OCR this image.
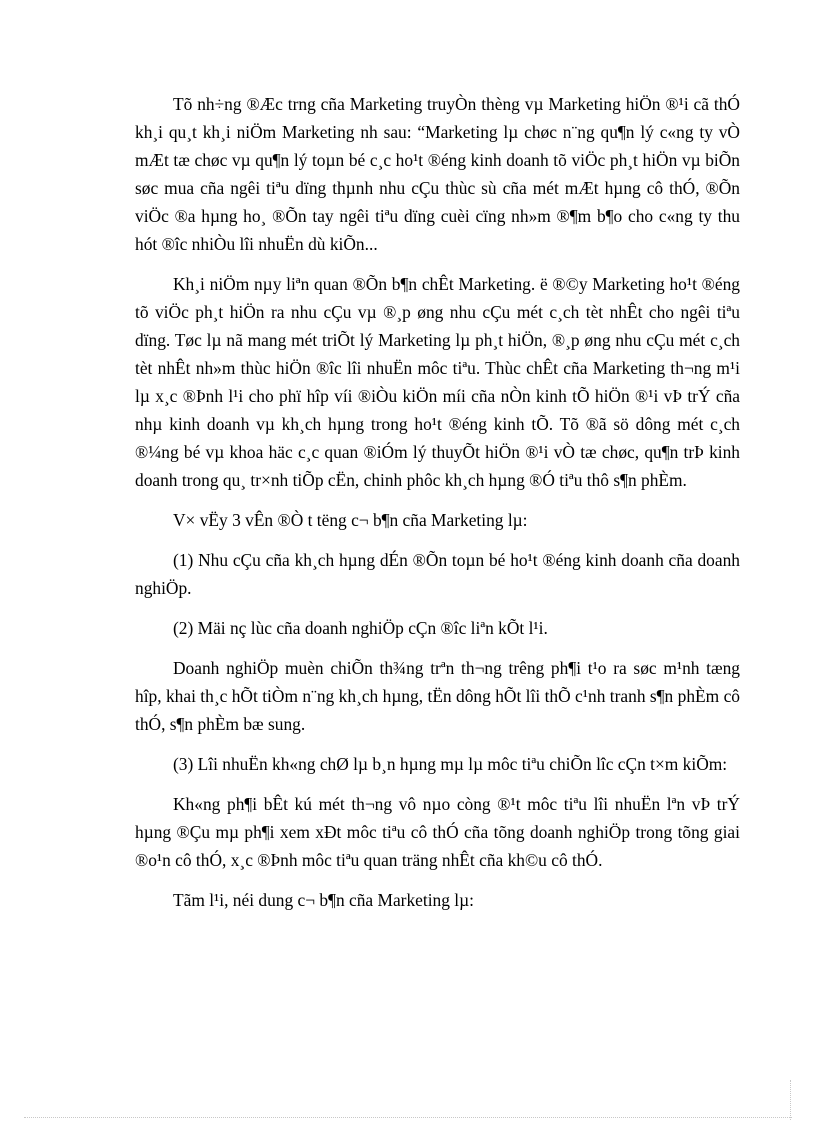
Tõ nh÷ng ®Æc trng cña Marketing truyÒn thèng vµ Marketing hiÖn ®¹i cã thÓ kh¸i qu¸t kh¸i niÖm Marketing nh sau: “Marketing lµ chøc n¨ng qu¶n lý c«ng ty vÒ mÆt tæ chøc vµ qu¶n lý toµn bé c¸c ho¹t ®éng kinh doanh tõ viÖc ph¸t hiÖn vµ biÕn søc mua cña ngêi tiªu dïng thµnh nhu cÇu thùc sù cña mét mÆt hµng cô thÓ, ®Õn viÖc ®a hµng ho¸ ®Õn tay ngêi tiªu dïng cuèi cïng nh»m ®¶m b¶o cho c«ng ty thu hót ®îc nhiÒu lîi nhuËn dù kiÕn...

Kh¸i niÖm nµy liªn quan ®Õn b¶n chÊt Marketing. ë ®©y Marketing ho¹t ®éng tõ viÖc ph¸t hiÖn ra nhu cÇu vµ ®¸p øng nhu cÇu mét c¸ch tèt nhÊt cho ngêi tiªu dïng. Tøc lµ nã mang mét triÕt lý Marketing lµ ph¸t hiÖn, ®¸p øng nhu cÇu mét c¸ch tèt nhÊt nh»m thùc hiÖn ®îc lîi nhuËn môc tiªu. Thùc chÊt cña Marketing th¬ng m¹i lµ x¸c ®Þnh l¹i cho phï hîp víi ®iÒu kiÖn míi cña nÒn kinh tÕ hiÖn ®¹i vÞ trÝ cña nhµ kinh doanh vµ kh¸ch hµng trong ho¹t ®éng kinh tÕ. Tõ ®ã sö dông mét c¸ch ®¼ng bé vµ khoa häc c¸c quan ®iÓm lý thuyÕt hiÖn ®¹i vÒ tæ chøc, qu¶n trÞ kinh doanh trong qu¸ tr×nh tiÕp cËn, chinh phôc kh¸ch hµng ®Ó tiªu thô s¶n phÈm.

V× vËy 3 vÊn ®Ò t tëng c¬ b¶n cña Marketing lµ:

(1) Nhu cÇu cña kh¸ch hµng dÉn ®Õn toµn bé ho¹t ®éng kinh doanh cña doanh nghiÖp.

(2) Mäi nç lùc cña doanh nghiÖp cÇn ®îc liªn kÕt l¹i.

Doanh nghiÖp muèn chiÕn th¾ng trªn th¬ng trêng ph¶i t¹o ra søc m¹nh tæng hîp, khai th¸c hÕt tiÒm n¨ng kh¸ch hµng, tËn dông hÕt lîi thÕ c¹nh tranh s¶n phÈm cô thÓ, s¶n phÈm bæ sung.

(3) Lîi nhuËn kh«ng chØ lµ b¸n hµng mµ lµ môc tiªu chiÕn lîc cÇn t×m kiÕm:

Kh«ng ph¶i bÊt kú mét th¬ng vô nµo còng ®¹t môc tiªu lîi nhuËn lªn vÞ trÝ hµng ®Çu mµ ph¶i xem xÐt môc tiªu cô thÓ cña tõng doanh nghiÖp trong tõng giai ®o¹n cô thÓ, x¸c ®Þnh môc tiªu quan träng nhÊt cña kh©u cô thÓ.

Tãm l¹i, néi dung c¬ b¶n cña Marketing lµ:
